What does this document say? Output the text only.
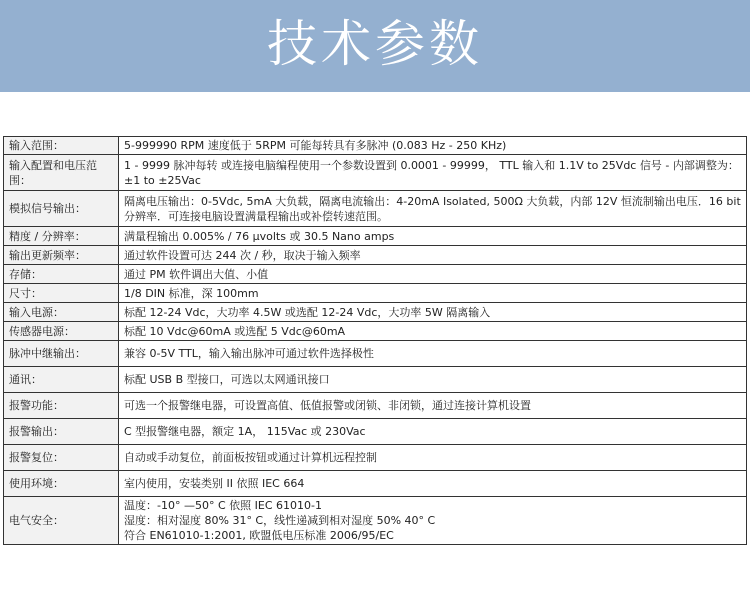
技术参数
输入范围：	5-999990 RPM 速度低于 5RPM 可能每转具有多脉冲 (0.083 Hz - 250 KHz)
输入配置和电压范围：	1 - 9999 脉冲每转 或连接电脑编程使用一个参数设置到 0.0001 - 99999， TTL 输入和 1.1V to 25Vdc 信号 - 内部调整为：±1 to ±25Vac
模拟信号输出：	隔离电压输出：0-5Vdc, 5mA 大负载，隔离电流输出：4-20mA Isolated, 500Ω 大负载，内部 12V 恒流制输出电压．16 bit 分辨率．可连接电脑设置满量程输出或补偿转速范围。
精度 / 分辨率：	满量程输出 0.005% / 76 μvolts 或 30.5 Nano amps
输出更新频率：	通过软件设置可达 244 次 / 秒，取决于输入频率
存储：	通过 PM 软件调出大值、小值
尺寸：	1/8 DIN 标准，深 100mm
输入电源：	标配 12-24 Vdc，大功率 4.5W 或选配 12-24 Vdc，大功率 5W 隔离输入
传感器电源：	标配 10 Vdc@60mA 或选配 5 Vdc@60mA
脉冲中继输出：	兼容 0-5V TTL，输入输出脉冲可通过软件选择极性
通讯：	标配 USB B 型接口，可选以太网通讯接口
报警功能：	可选一个报警继电器，可设置高值、低值报警或闭锁、非闭锁，通过连接计算机设置
报警输出：	C 型报警继电器，额定 1A， 115Vac 或 230Vac
报警复位：	自动或手动复位，前面板按钮或通过计算机远程控制
使用环境：	室内使用，安装类别 II 依照 IEC 664
电气安全：	温度：-10° —50° C 依照 IEC 61010-1
湿度：相对湿度 80% 31° C，线性递减到相对湿度 50% 40° C
符合 EN61010-1:2001, 欧盟低电压标准 2006/95/EC
